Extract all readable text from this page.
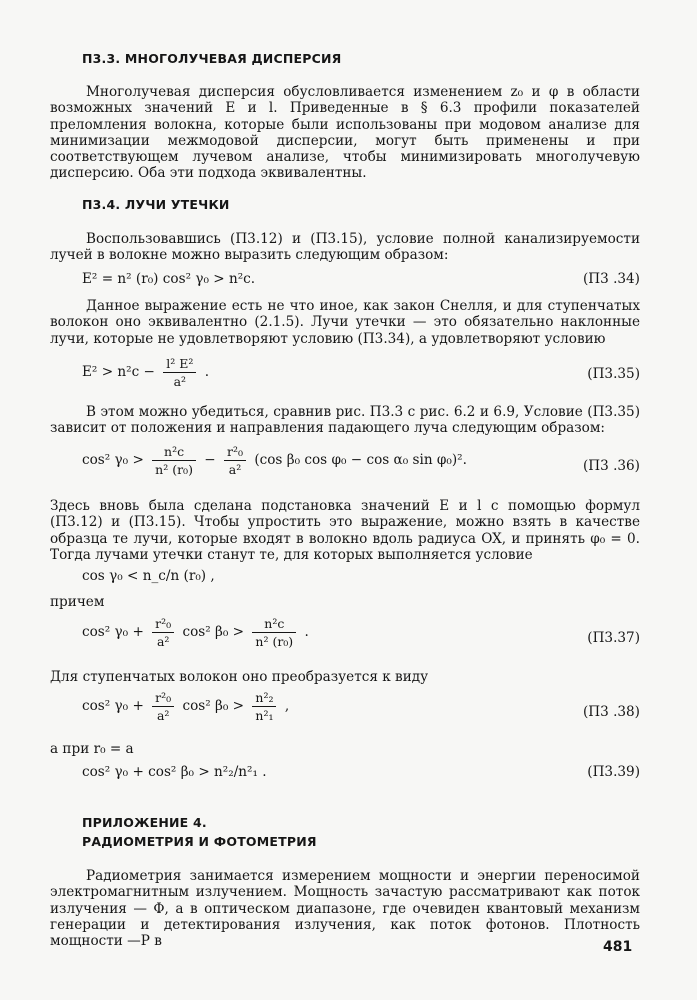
П3.3. МНОГОЛУЧЕВАЯ ДИСПЕРСИЯ

Многолучевая дисперсия обусловливается изменением z₀ и φ в области возможных значений E и l. Приведенные в § 6.3 профили показателей преломления волокна, которые были использованы при модовом анализе для минимизации межмодовой дисперсии, могут быть применены и при соответствующем лучевом анализе, чтобы минимизировать многолучевую дисперсию. Оба эти подхода эквивалентны.

П3.4. ЛУЧИ УТЕЧКИ

Воспользовавшись (П3.12) и (П3.15), условие полной канализируемости лучей в волокне можно выразить следующим образом:

E² = n² (r₀) cos² γ₀ > n²c.	(П3 .34)

Данное выражение есть не что иное, как закон Снелля, и для ступенчатых волокон оно эквивалентно (2.1.5). Лучи утечки — это обязательно наклонные лучи, которые не удовлетворяют условию (П3.34), а удовлетворяют условию

$E^2 > n^2c - \frac{\text{l² E²}}{\text{a²}}$ .	(П3.35)

В этом можно убедиться, сравнив рис. П3.3 с рис. 6.2 и 6.9, Условие (П3.35) зависит от положения и направления падающего луча следующим образом:

cos² $\gamma_0 > \frac{\text{n²c}}{\text{n² (r₀)}} - \frac{\text{r²₀}}{\text{a²}} (\cos$ β₀ cos φ₀ − cos α₀ sin φ₀)².	(П3 .36)

Здесь вновь была сделана подстановка значений E и l с помощью формул (П3.12) и (П3.15). Чтобы упростить это выражение, можно взять в качестве образца те лучи, которые входят в волокно вдоль радиуса OX, и принять φ₀ = 0. Тогда лучами утечки станут те, для которых выполняется условие

cos γ₀ < n_c/n (r₀) ,
причем
cos² $\gamma_0 + \frac{\text{r²₀}}{\text{a²}} \cos^2$ $\beta_0 > \frac{\text{n²c}}{\text{n² (r₀)}}$ .	(П3.37)

Для ступенчатых волокон оно преобразуется к виду

cos² $\gamma_0 + \frac{\text{r²₀}}{\text{a²}} \cos^2$ $\beta_0 > \frac{\text{n²₂}}{\text{n²₁}}$ ,	(П3 .38)
а при r₀ = a
cos² γ₀ + cos² β₀ > n²₂/n²₁ .	(П3.39)
ПРИЛОЖЕНИЕ 4.
РАДИОМЕТРИЯ И ФОТОМЕТРИЯ

Радиометрия занимается измерением мощности и энергии переносимой электромагнитным излучением. Мощность зачастую рассматривают как поток излучения — Φ, а в оптическом диапазоне, где очевиден квантовый механизм генерации и детектирования излучения, как поток фотонов. Плотность мощности —P в	481
